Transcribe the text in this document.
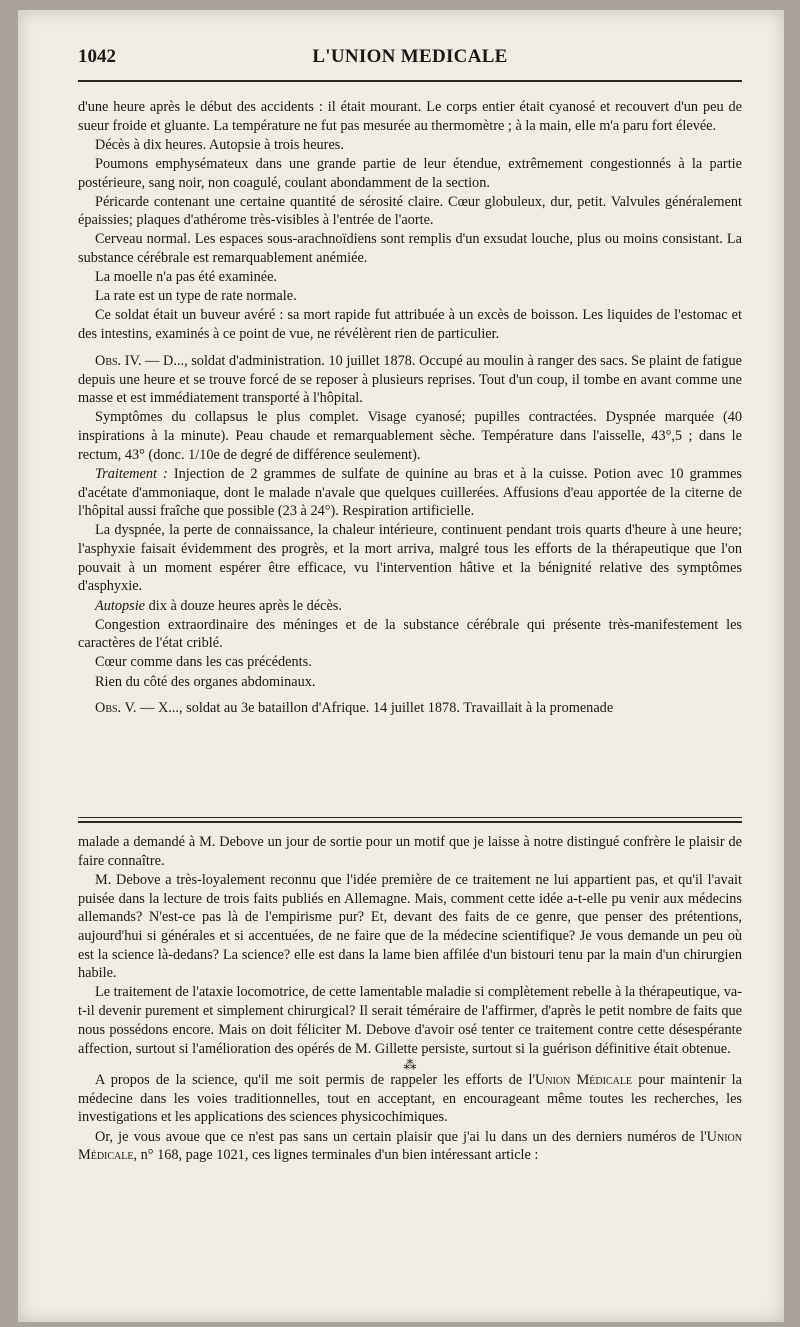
1042	L'UNION MEDICALE

d'une heure après le début des accidents : il était mourant. Le corps entier était cyanosé et recouvert d'un peu de sueur froide et gluante. La température ne fut pas mesurée au thermomètre ; à la main, elle m'a paru fort élevée.

Décès à dix heures. Autopsie à trois heures.

Poumons emphysémateux dans une grande partie de leur étendue, extrêmement congestionnés à la partie postérieure, sang noir, non coagulé, coulant abondamment de la section.

Péricarde contenant une certaine quantité de sérosité claire. Cœur globuleux, dur, petit. Valvules généralement épaissies; plaques d'athérome très-visibles à l'entrée de l'aorte.

Cerveau normal. Les espaces sous-arachnoïdiens sont remplis d'un exsudat louche, plus ou moins consistant. La substance cérébrale est remarquablement anémiée.

La moelle n'a pas été examinée.

La rate est un type de rate normale.

Ce soldat était un buveur avéré : sa mort rapide fut attribuée à un excès de boisson. Les liquides de l'estomac et des intestins, examinés à ce point de vue, ne révélèrent rien de particulier.

Obs. IV. — D..., soldat d'administration. 10 juillet 1878. Occupé au moulin à ranger des sacs. Se plaint de fatigue depuis une heure et se trouve forcé de se reposer à plusieurs reprises. Tout d'un coup, il tombe en avant comme une masse et est immédiatement transporté à l'hôpital.

Symptômes du collapsus le plus complet. Visage cyanosé; pupilles contractées. Dyspnée marquée (40 inspirations à la minute). Peau chaude et remarquablement sèche. Température dans l'aisselle, 43°,5 ; dans le rectum, 43° (donc. 1/10e de degré de différence seulement).

Traitement : Injection de 2 grammes de sulfate de quinine au bras et à la cuisse. Potion avec 10 grammes d'acétate d'ammoniaque, dont le malade n'avale que quelques cuillerées. Affusions d'eau apportée de la citerne de l'hôpital aussi fraîche que possible (23 à 24°). Respiration artificielle.

La dyspnée, la perte de connaissance, la chaleur intérieure, continuent pendant trois quarts d'heure à une heure; l'asphyxie faisait évidemment des progrès, et la mort arriva, malgré tous les efforts de la thérapeutique que l'on pouvait à un moment espérer être efficace, vu l'intervention hâtive et la bénignité relative des symptômes d'asphyxie.

Autopsie dix à douze heures après le décès.

Congestion extraordinaire des méninges et de la substance cérébrale qui présente très-manifestement les caractères de l'état criblé.

Cœur comme dans les cas précédents.

Rien du côté des organes abdominaux.

Obs. V. — X..., soldat au 3e bataillon d'Afrique. 14 juillet 1878. Travaillait à la promenade

malade a demandé à M. Debove un jour de sortie pour un motif que je laisse à notre distingué confrère le plaisir de faire connaître.

M. Debove a très-loyalement reconnu que l'idée première de ce traitement ne lui appartient pas, et qu'il l'avait puisée dans la lecture de trois faits publiés en Allemagne. Mais, comment cette idée a-t-elle pu venir aux médecins allemands? N'est-ce pas là de l'empirisme pur? Et, devant des faits de ce genre, que penser des prétentions, aujourd'hui si générales et si accentuées, de ne faire que de la médecine scientifique? Je vous demande un peu où est la science là-dedans? La science? elle est dans la lame bien affilée d'un bistouri tenu par la main d'un chirurgien habile.

Le traitement de l'ataxie locomotrice, de cette lamentable maladie si complètement rebelle à la thérapeutique, va-t-il devenir purement et simplement chirurgical? Il serait téméraire de l'affirmer, d'après le petit nombre de faits que nous possédons encore. Mais on doit féliciter M. Debove d'avoir osé tenter ce traitement contre cette désespérante affection, surtout si l'amélioration des opérés de M. Gillette persiste, surtout si la guérison définitive était obtenue.

⁂

A propos de la science, qu'il me soit permis de rappeler les efforts de l'Union Médicale pour maintenir la médecine dans les voies traditionnelles, tout en acceptant, en encourageant même toutes les recherches, les investigations et les applications des sciences physicochimiques.

Or, je vous avoue que ce n'est pas sans un certain plaisir que j'ai lu dans un des derniers numéros de l'Union Médicale, n° 168, page 1021, ces lignes terminales d'un bien intéressant article :
